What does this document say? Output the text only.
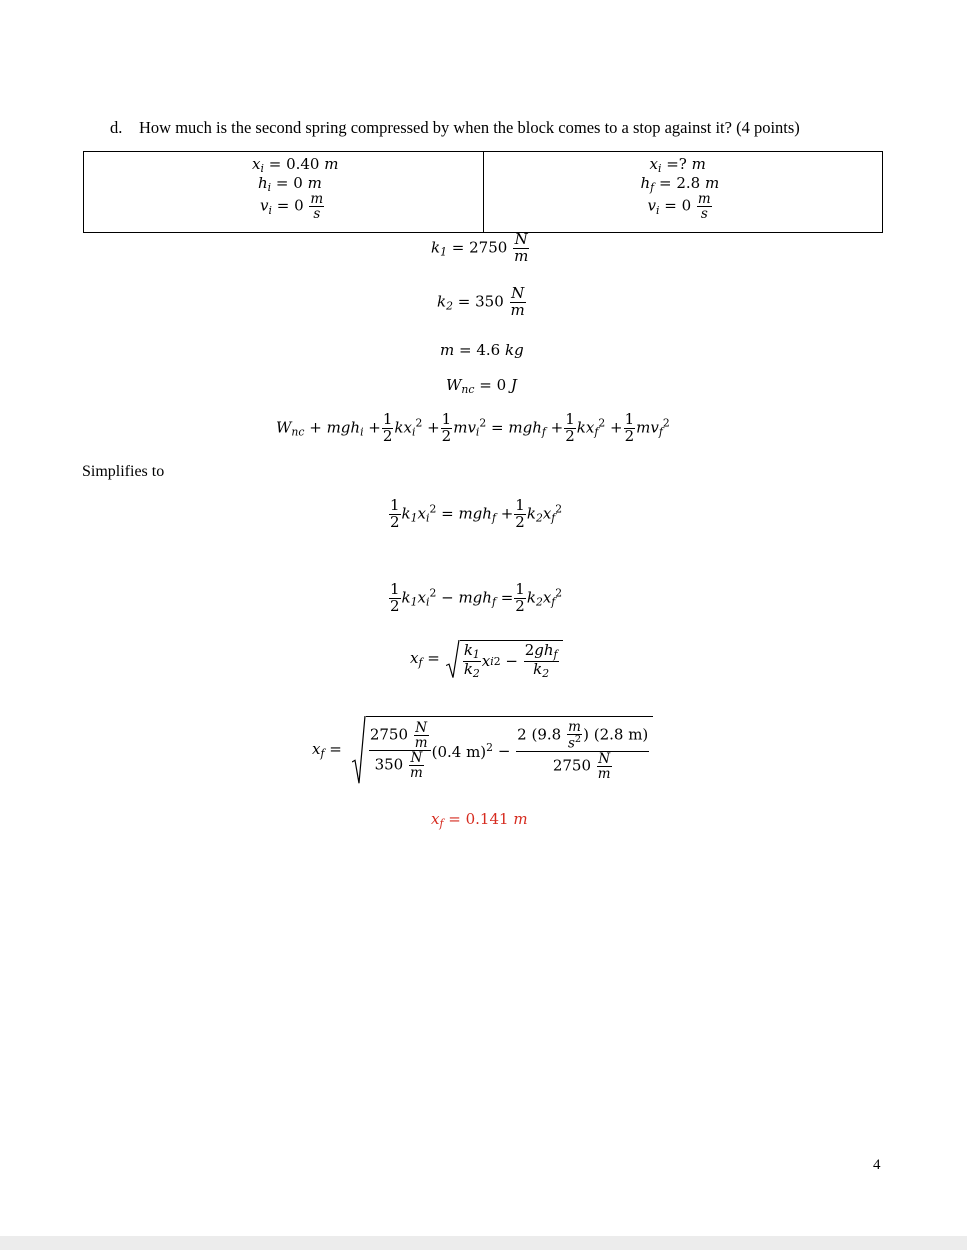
d. How much is the second spring compressed by when the block comes to a stop against it? (4 points)
$x_i = 0.40$ m
$h_i = 0$ m
$v_i = 0 \frac{m}{s}$

$x_i$ =? m
$h_f = 2.8$ m
$v_i = 0 \frac{m}{s}$
$k_1 = 2750 \frac{N}{m}$
$k_2 = 350 \frac{N}{m}$
m = 4.6 kg
$W_{nc} = 0$ J
$W_{nc} + mgh_i + \frac{1}{2} kx_i^2 + \frac{1}{2} mv_i^2 = mgh_f + \frac{1}{2} kx_f^2 + \frac{1}{2} mv_f^2$
Simplifies to
$\frac{1}{2} k_1x_i^2 = mgh_f + \frac{1}{2} k_2x_f^2$
$\frac{1}{2} k_1x_i^2 - mgh_f = \frac{1}{2} k_2x_f^2$
$x_f = \frac{k_1}{k_2}$ x i $2 - \frac{2gh_f}{k_2}$
$x_f = \frac{2750 \frac{N}{m}}{350 \frac{N}{m}} (0.4$ $m)^2 - \frac{2 (9.8 \frac{m}{s^2} ) (2.8 m)}{2750 \frac{N}{m}}$
$x_f = 0.141$ m
4
